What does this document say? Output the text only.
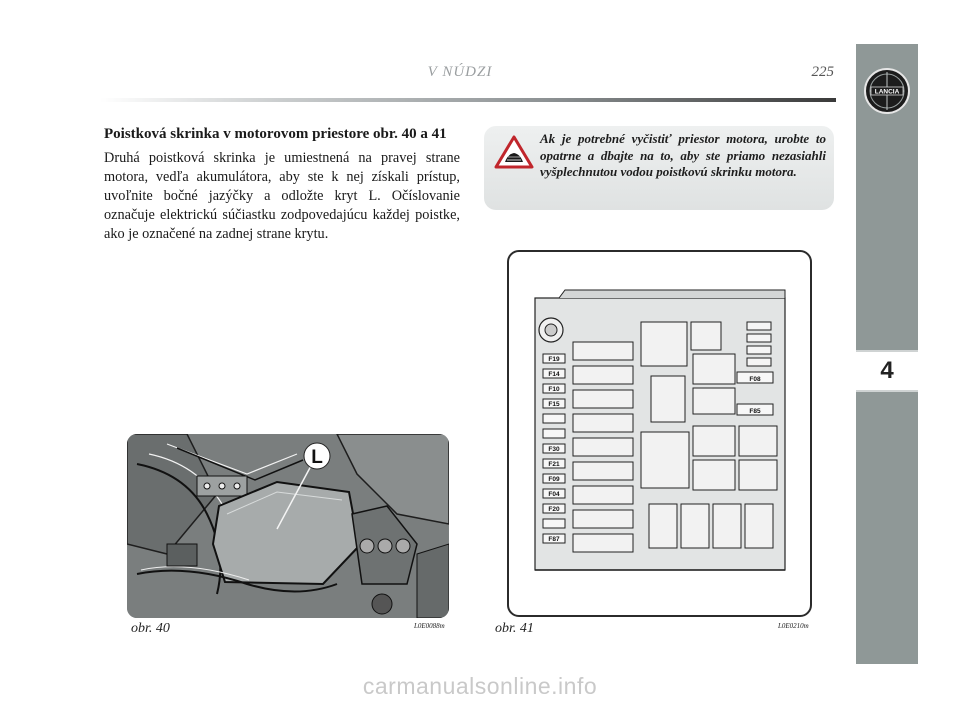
V NÚDZI	225
LANCIA
4
Poistková skrinka v motorovom priestore obr. 40 a 41
Druhá poistková skrinka je umiestnená na pravej strane motora, vedľa akumulátora, aby ste k nej získali prístup, uvoľnite bočné jazýčky a odložte kryt L. Očíslovanie označuje elektrickú súčiastku zodpovedajúcu každej poistke, ako je označené na zadnej strane krytu.
Ak je potrebné vyčistiť priestor motora, urobte to opatrne a dbajte na to, aby ste priamo nezasiahli vyšplechnutou vodou poistkovú skrinku motora.
L
obr. 40	L0E0088m
F19
F14
F10
F15
F30
F21
F09
F04
F20
F87
F08
F85
obr. 41	L0E0210m
carmanualsonline.info
